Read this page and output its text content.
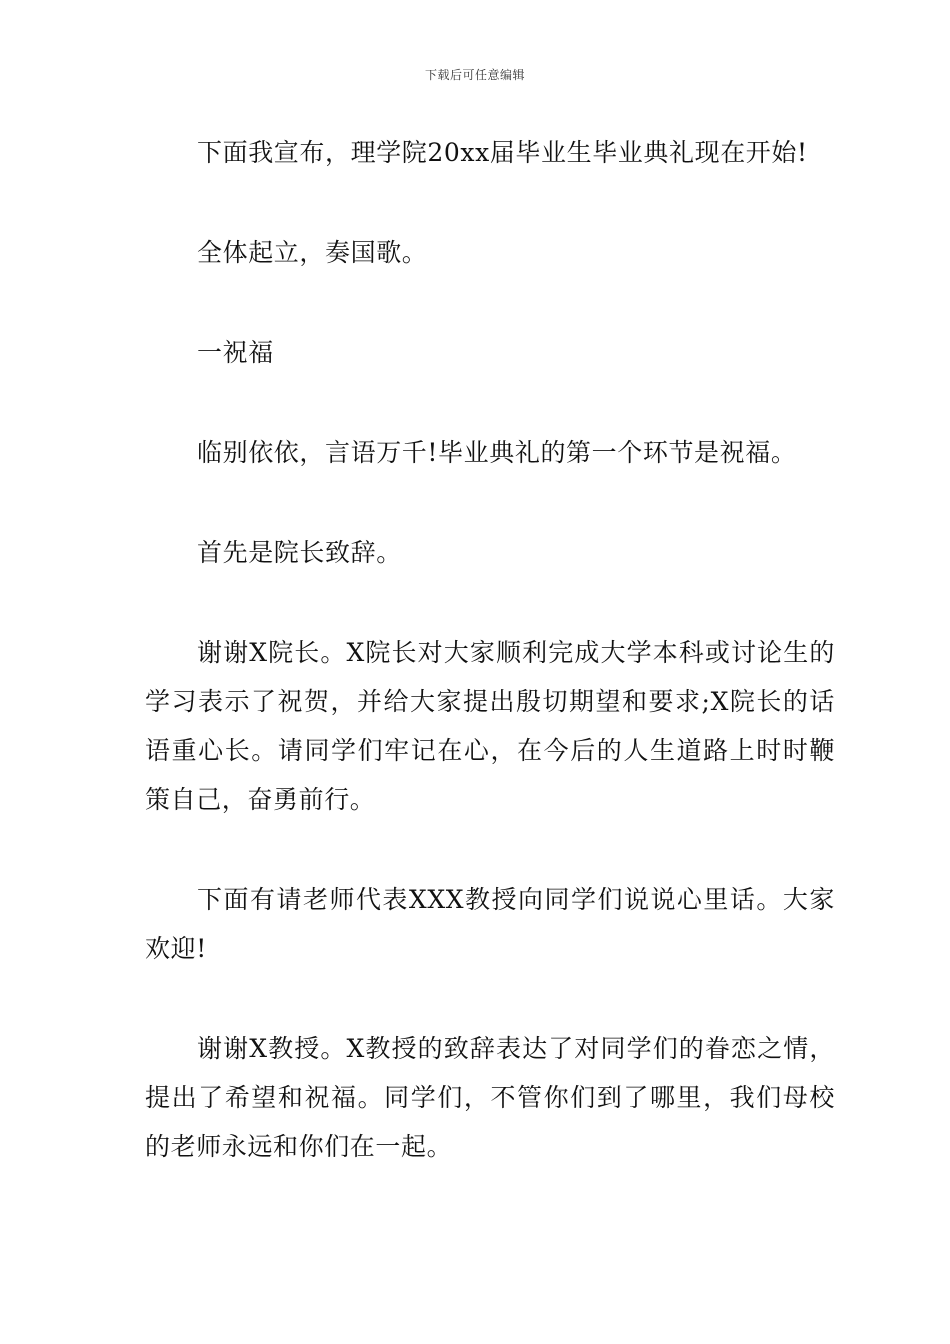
下载后可任意编辑

下面我宣布，理学院20xx届毕业生毕业典礼现在开始!

全体起立，奏国歌。

一祝福

临别依依，言语万千!毕业典礼的第一个环节是祝福。

首先是院长致辞。

谢谢X院长。X院长对大家顺利完成大学本科或讨论生的学习表示了祝贺，并给大家提出殷切期望和要求;X院长的话语重心长。请同学们牢记在心，在今后的人生道路上时时鞭策自己，奋勇前行。

下面有请老师代表XXX教授向同学们说说心里话。大家欢迎!

谢谢X教授。X教授的致辞表达了对同学们的眷恋之情，提出了希望和祝福。同学们，不管你们到了哪里，我们母校的老师永远和你们在一起。
